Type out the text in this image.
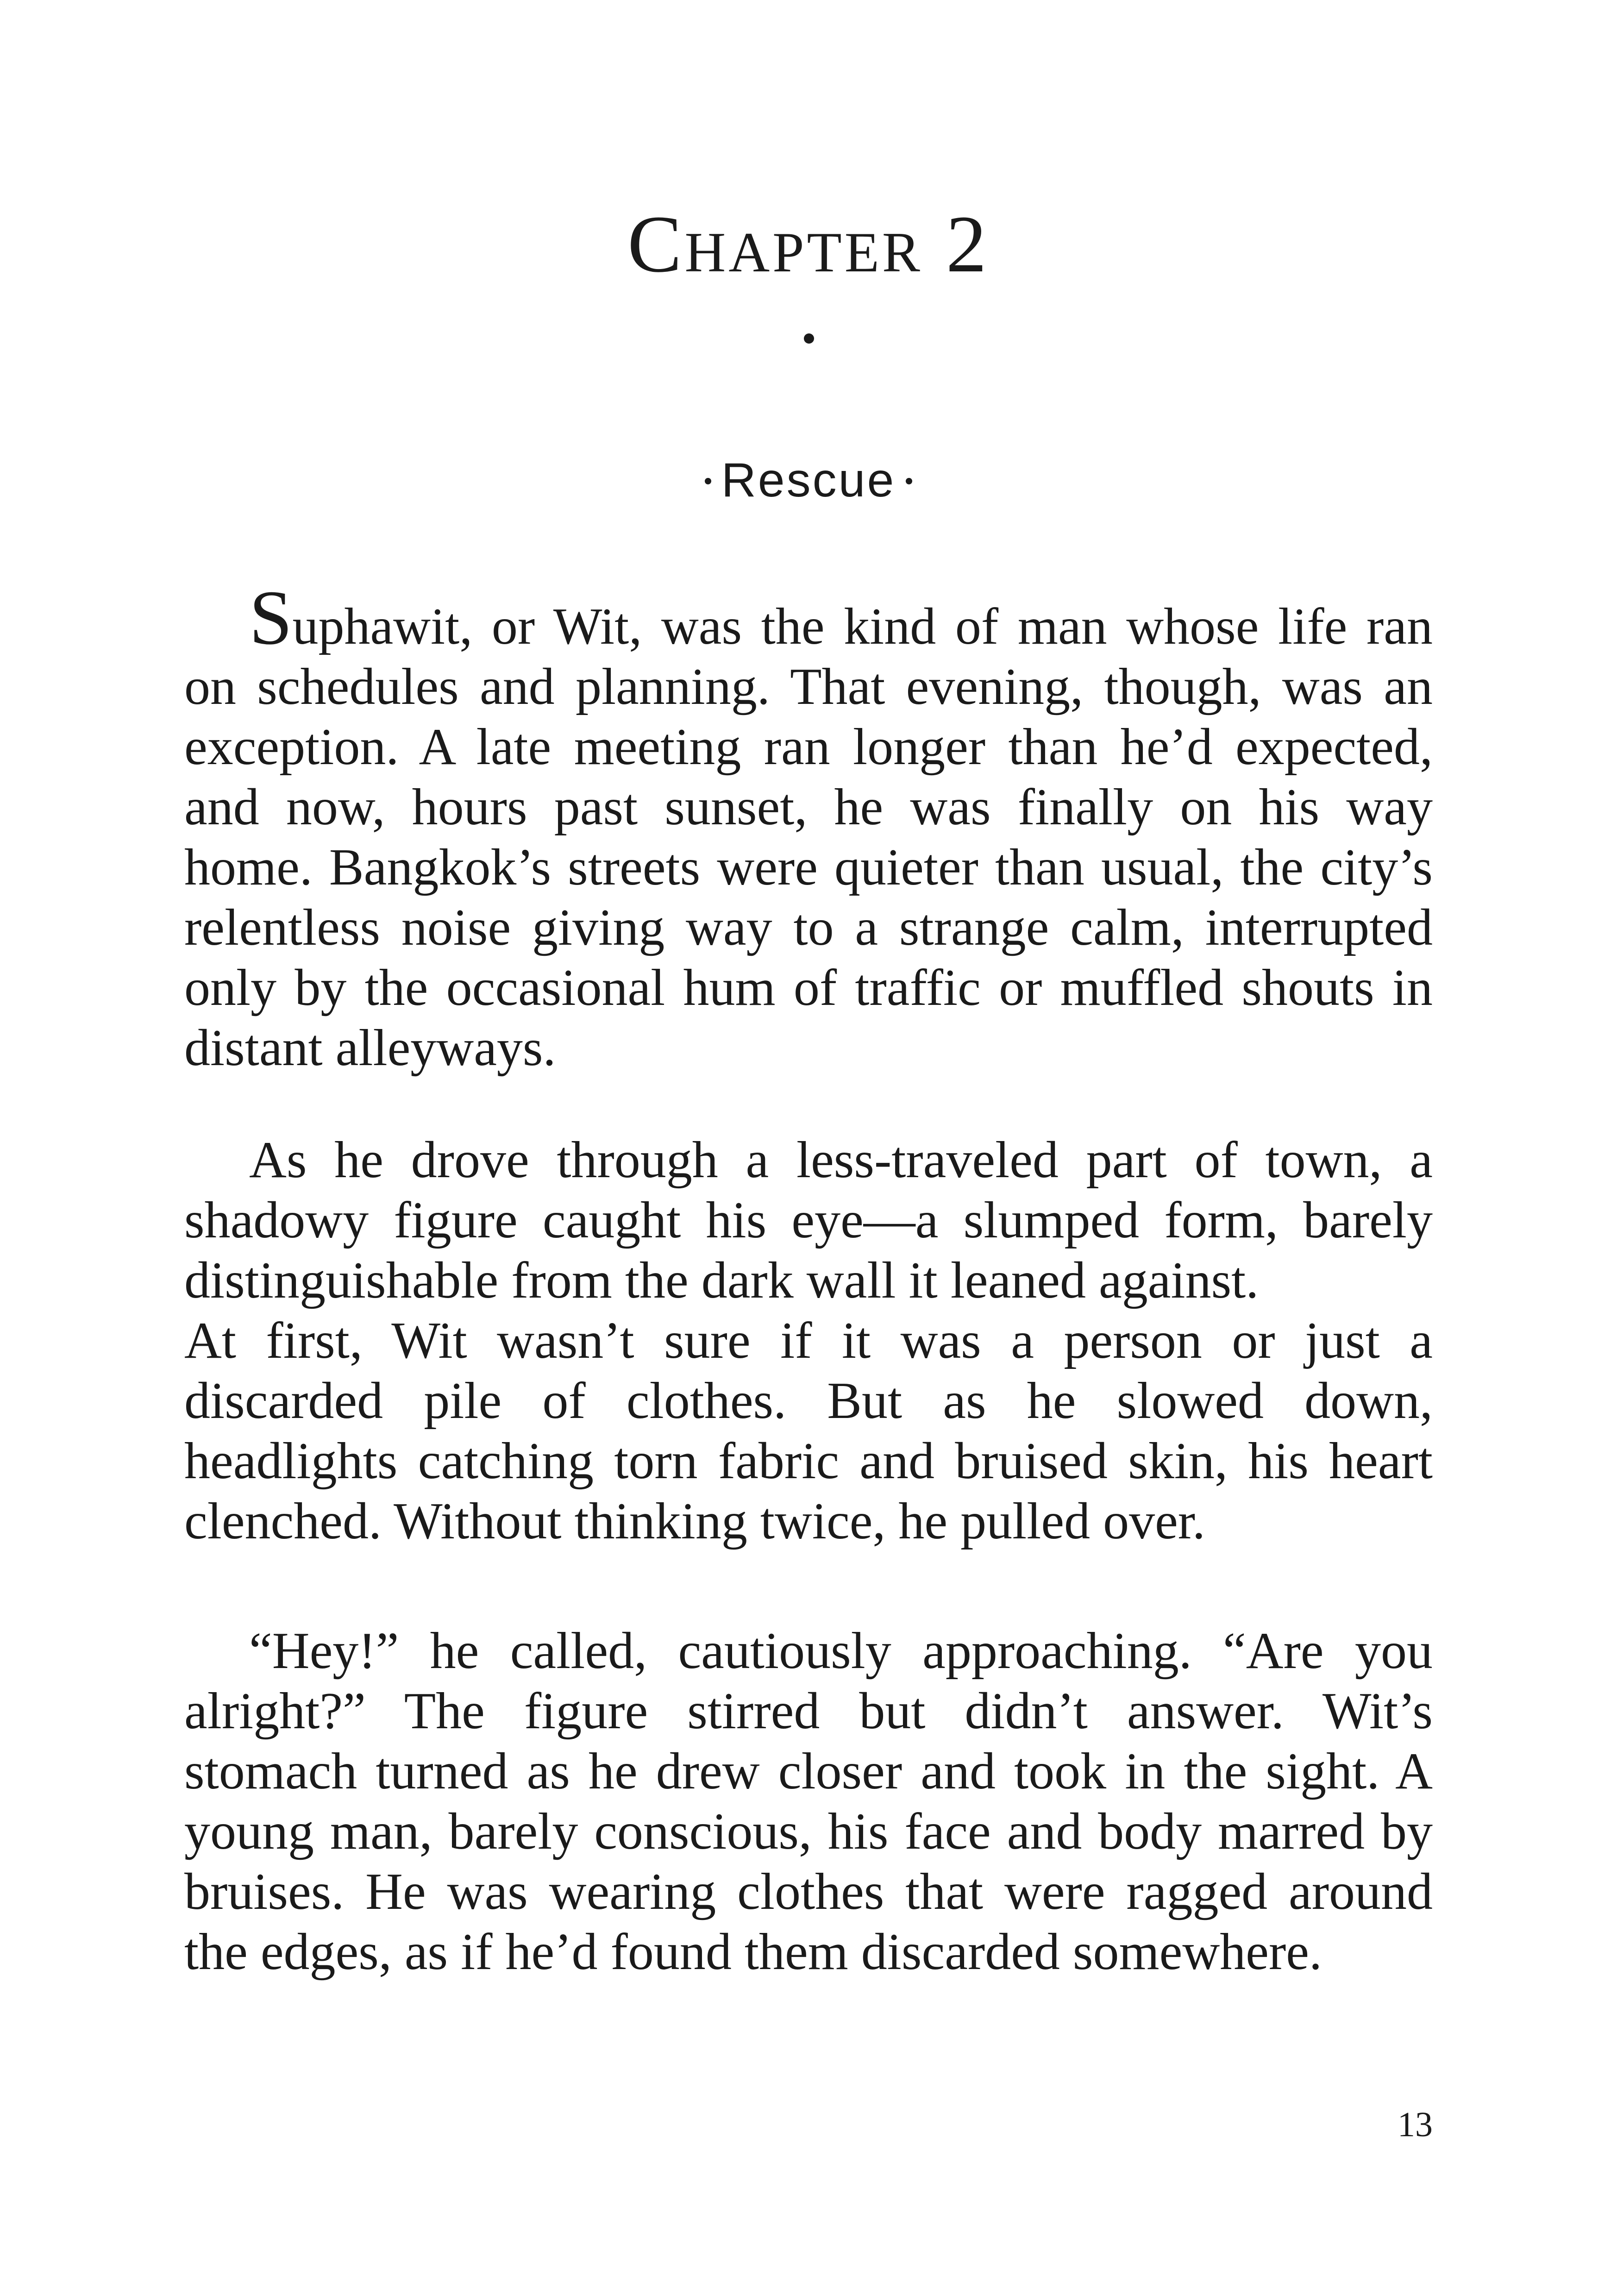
Chapter 2
Rescue

Suphawit, or Wit, was the kind of man whose life ran on schedules and planning. That evening, though, was an exception. A late meeting ran longer than he’d expected, and now, hours past sunset, he was finally on his way home. Bangkok’s streets were quieter than usual, the city’s relentless noise giving way to a strange calm, interrupted only by the occasional hum of traffic or muffled shouts in distant alleyways.

As he drove through a less-traveled part of town, a shadowy figure caught his eye—a slumped form, barely distinguishable from the dark wall it leaned against.

At first, Wit wasn’t sure if it was a person or just a discarded pile of clothes. But as he slowed down, headlights catching torn fabric and bruised skin, his heart clenched. Without thinking twice, he pulled over.

“Hey!” he called, cautiously approaching. “Are you alright?” The figure stirred but didn’t answer. Wit’s stomach turned as he drew closer and took in the sight. A young man, barely conscious, his face and body marred by bruises. He was wearing clothes that were ragged around the edges, as if he’d found them discarded somewhere.

13
